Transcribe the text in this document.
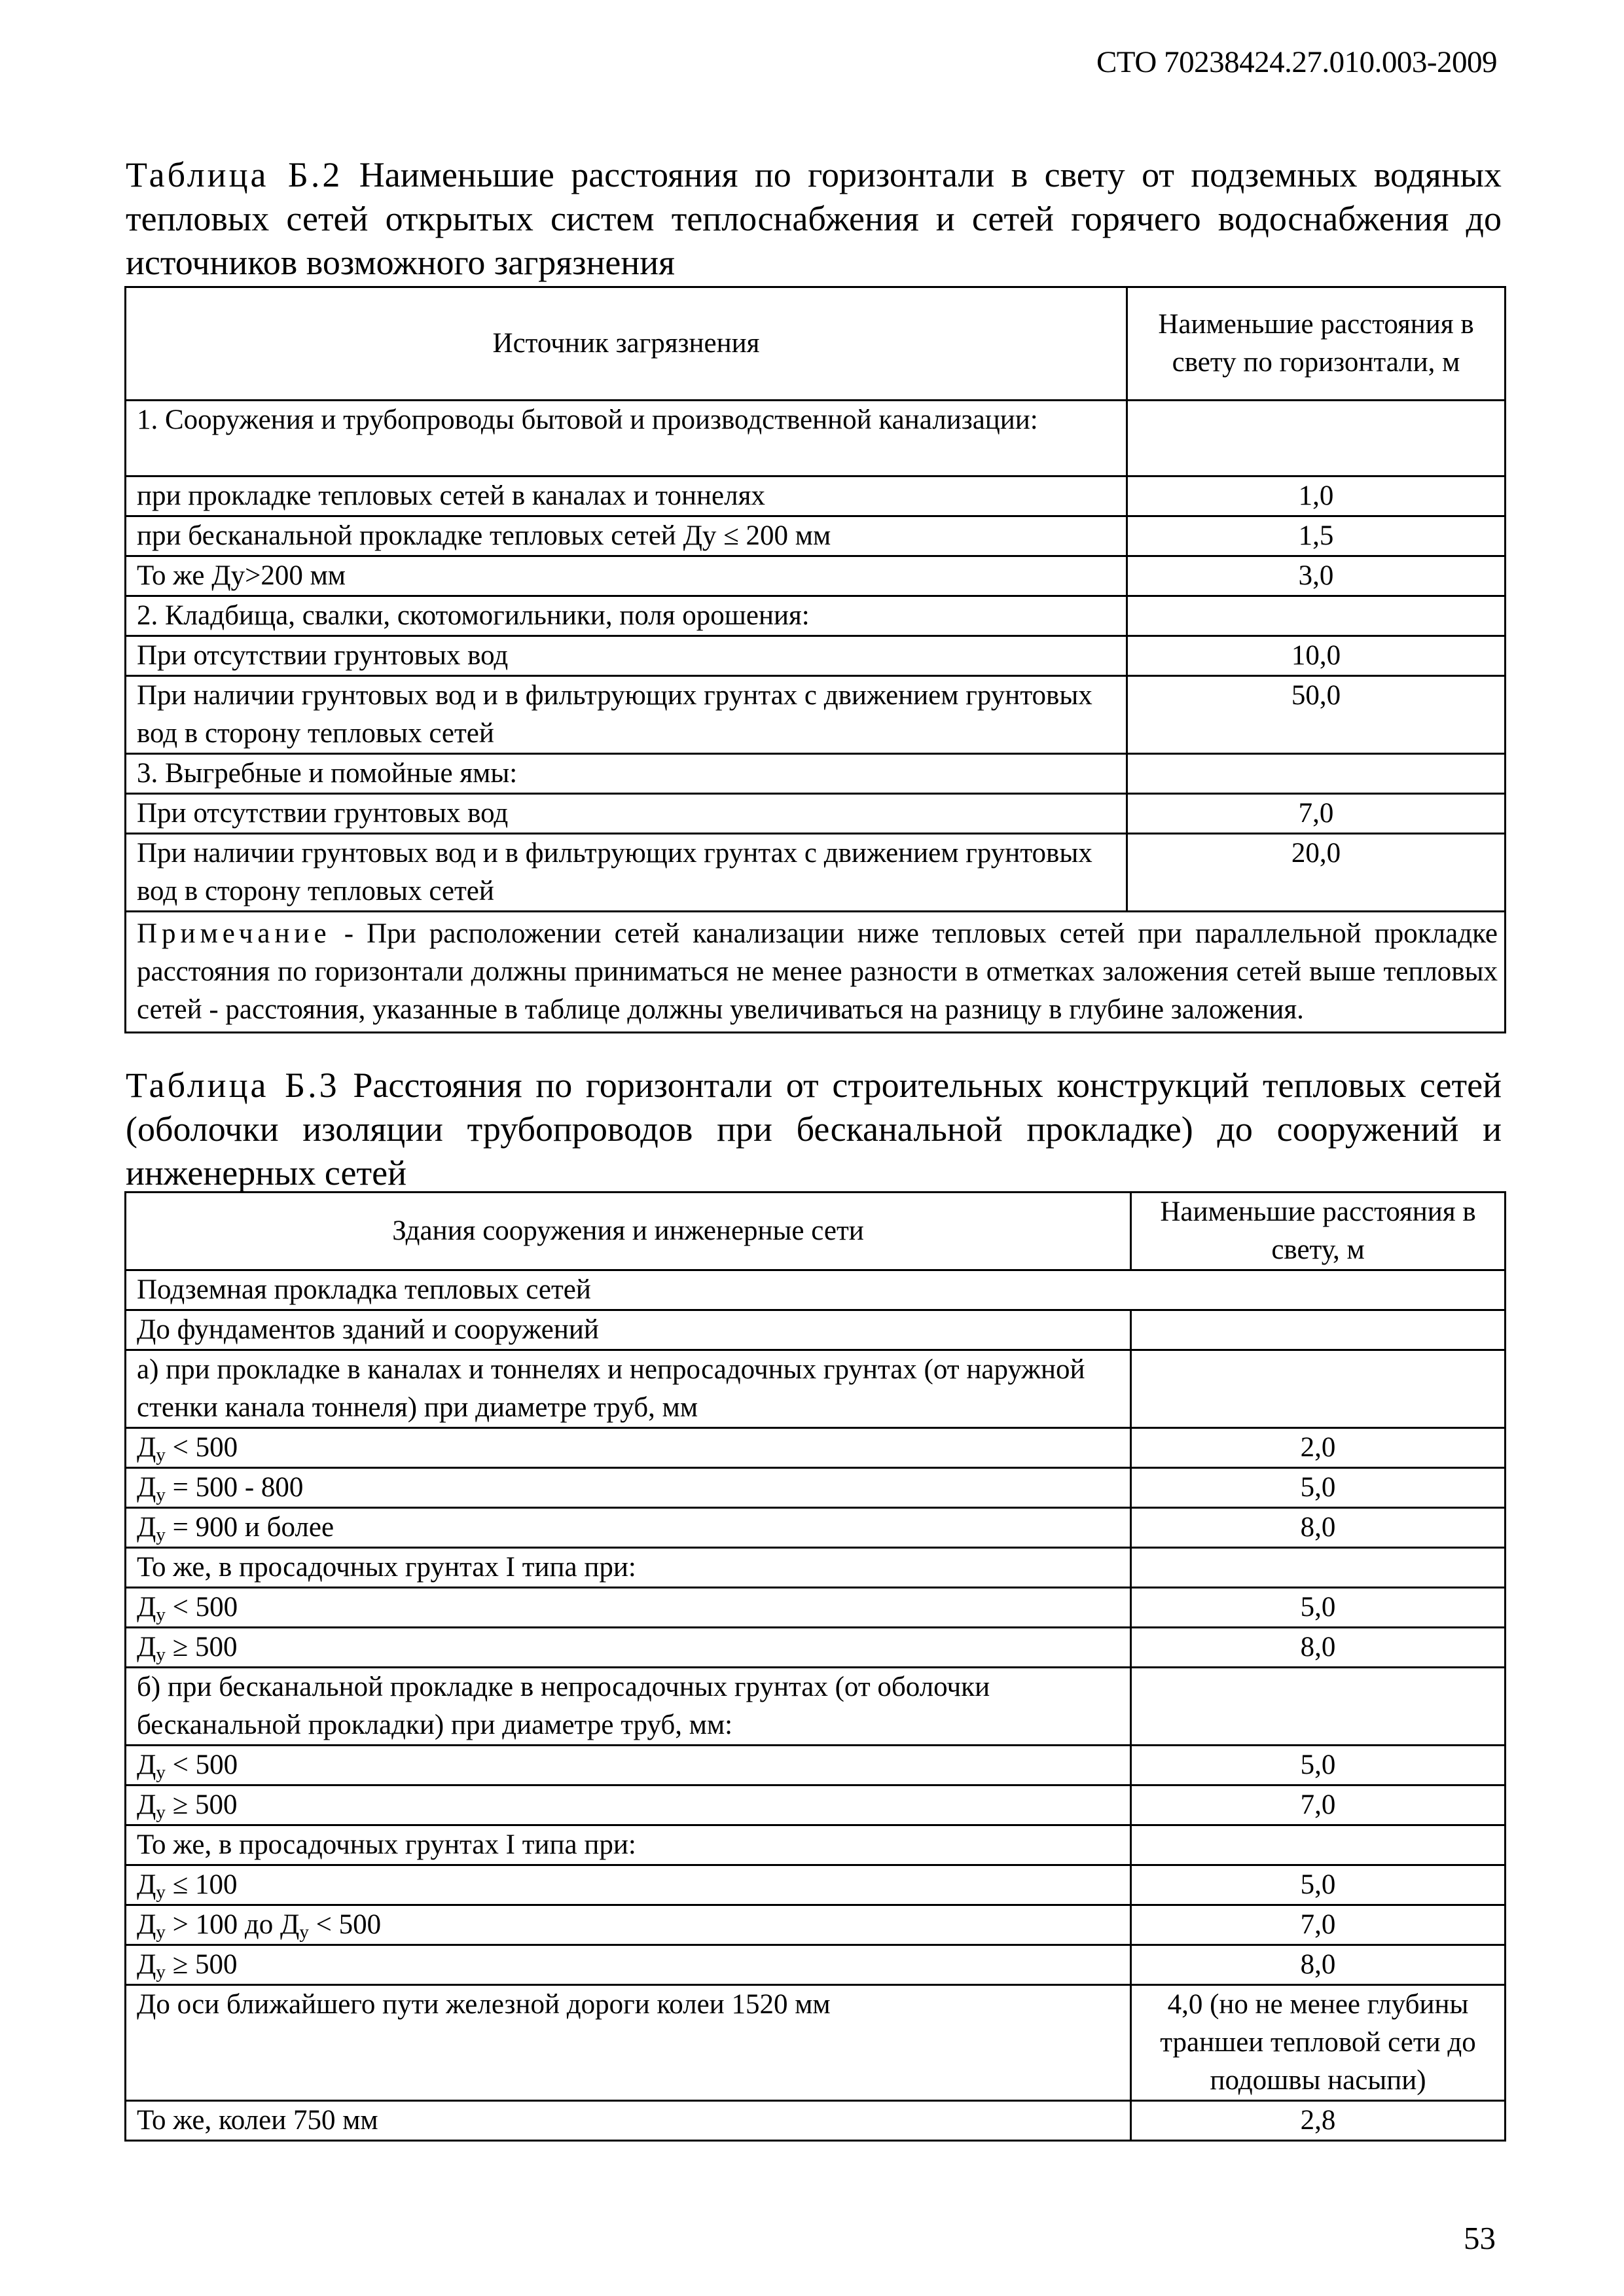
СТО 70238424.27.010.003-2009
Таблица Б.2 Наименьшие расстояния по горизонтали в свету от подземных водяных тепловых сетей открытых систем теплоснабжения и сетей горячего водоснабжения до источников возможного загрязнения
Источник загрязнения	Наименьшие расстояния в свету по горизонтали, м
1. Сооружения и трубопроводы бытовой и производственной канализации:	
при прокладке тепловых сетей в каналах и тоннелях	1,0
при бесканальной прокладке тепловых сетей Ду ≤ 200 мм	1,5
То же Ду>200 мм	3,0
2. Кладбища, свалки, скотомогильники, поля орошения:	
При отсутствии грунтовых вод	10,0
При наличии грунтовых вод и в фильтрующих грунтах с движением грунтовых вод в сторону тепловых сетей	50,0
3. Выгребные и помойные ямы:	
При отсутствии грунтовых вод	7,0
При наличии грунтовых вод и в фильтрующих грунтах с движением грунтовых вод в сторону тепловых сетей	20,0
Примечание - При расположении сетей канализации ниже тепловых сетей при параллельной прокладке расстояния по горизонтали должны приниматься не менее разности в отметках заложения сетей выше тепловых сетей - расстояния, указанные в таблице должны увеличиваться на разницу в глубине заложения.	
Таблица Б.3 Расстояния по горизонтали от строительных конструкций тепловых сетей (оболочки изоляции трубопроводов при бесканальной прокладке) до сооружений и инженерных сетей
Здания сооружения и инженерные сети	Наименьшие расстояния в свету, м
Подземная прокладка тепловых сетей	
До фундаментов зданий и сооружений	
а) при прокладке в каналах и тоннелях и непросадочных грунтах (от наружной стенки канала тоннеля) при диаметре труб, мм	
$Д_у < 500$	2,0
$Д_у = 500 - 800$	5,0
$Д_у = 900$ и более	8,0
То же, в просадочных грунтах I типа при:	
$Д_у < 500$	5,0
$Д_у \ge 500$	8,0
б) при бесканальной прокладке в непросадочных грунтах (от оболочки бесканальной прокладки) при диаметре труб, мм:	
$Д_у < 500$	5,0
$Д_у \ge 500$	7,0
То же, в просадочных грунтах I типа при:	
$Д_у \le 100$	5,0
$Д_у > 100$ до $Д_у < 500$	7,0
$Д_у \ge 500$	8,0
До оси ближайшего пути железной дороги колеи 1520 мм	4,0 (но не менее глубины траншеи тепловой сети до подошвы насыпи)
То же, колеи 750 мм	2,8
53
